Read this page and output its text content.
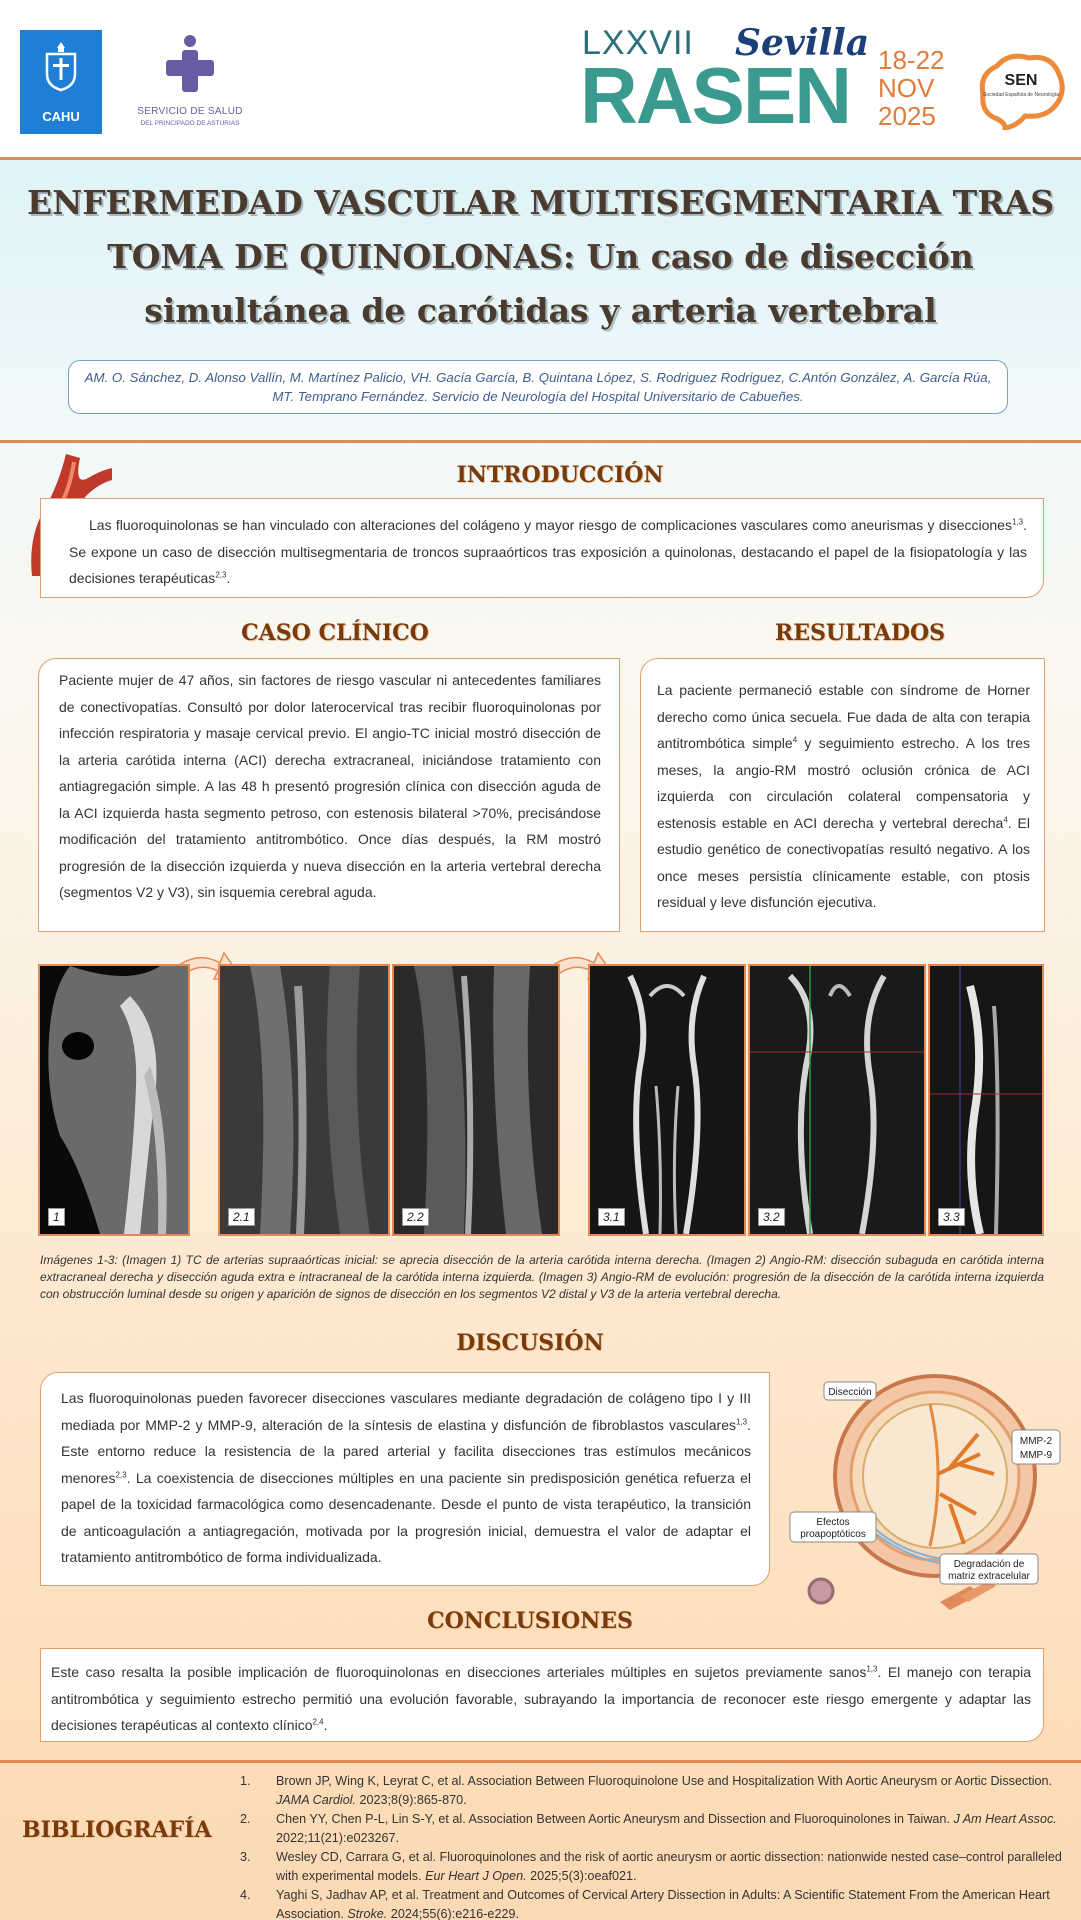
CAHU	SERVICIO DE SALUD
DEL PRINCIPADO DE ASTURIAS
LXXVII Sevilla
RASEN 18-22
NOV
2025
SEN
Sociedad Española de Neurología
ENFERMEDAD VASCULAR MULTISEGMENTARIA TRAS
TOMA DE QUINOLONAS: Un caso de disección
simultánea de carótidas y arteria vertebral
AM. O. Sánchez, D. Alonso Vallín, M. Martínez Palicio, VH. Gacía García, B. Quintana López, S. Rodriguez Rodriguez, C.Antón González, A. García Rúa, MT. Temprano Fernández. Servicio de Neurología del Hospital Universitario de Cabueñes.
INTRODUCCIÓN
Las fluoroquinolonas se han vinculado con alteraciones del colágeno y mayor riesgo de complicaciones vasculares como aneurismas y disecciones$^{1,3}$. Se expone un caso de disección multisegmentaria de troncos supraaórticos tras exposición a quinolonas, destacando el papel de la fisiopatología y las decisiones terapéuticas$^{2,3}$.
CASO CLÍNICO
Paciente mujer de 47 años, sin factores de riesgo vascular ni antecedentes familiares de conectivopatías. Consultó por dolor laterocervical tras recibir fluoroquinolonas por infección respiratoria y masaje cervical previo. El angio-TC inicial mostró disección de la arteria carótida interna (ACI) derecha extracraneal, iniciándose tratamiento con antiagregación simple. A las 48 h presentó progresión clínica con disección aguda de la ACI izquierda hasta segmento petroso, con estenosis bilateral >70%, precisándose modificación del tratamiento antitrombótico. Once días después, la RM mostró progresión de la disección izquierda y nueva disección en la arteria vertebral derecha (segmentos V2 y V3), sin isquemia cerebral aguda.
RESULTADOS
La paciente permaneció estable con síndrome de Horner derecho como única secuela. Fue dada de alta con terapia antitrombótica simple$^4$ y seguimiento estrecho. A los tres meses, la angio-RM mostró oclusión crónica de ACI izquierda con circulación colateral compensatoria y estenosis estable en ACI derecha y vertebral derecha$^4$. El estudio genético de conectivopatías resultó negativo. A los once meses persistía clínicamente estable, con ptosis residual y leve disfunción ejecutiva.
1	2.1	2.2	3.1	3.2	3.3
Imágenes 1-3: (Imagen 1) TC de arterias supraaórticas inicial: se aprecia disección de la arteria carótida interna derecha. (Imagen 2) Angio-RM: disección subaguda en carótida interna extracraneal derecha y disección aguda extra e intracraneal de la carótida interna izquierda. (Imagen 3) Angio-RM de evolución: progresión de la disección de la carótida interna izquierda con obstrucción luminal desde su origen y aparición de signos de disección en los segmentos V2 distal y V3 de la arteria vertebral derecha.
DISCUSIÓN
Las fluoroquinolonas pueden favorecer disecciones vasculares mediante degradación de colágeno tipo I y III mediada por MMP-2 y MMP-9, alteración de la síntesis de elastina y disfunción de fibroblastos vasculares$^{1,3}$. Este entorno reduce la resistencia de la pared arterial y facilita disecciones tras estímulos mecánicos menores$^{2,3}$. La coexistencia de disecciones múltiples en una paciente sin predisposición genética refuerza el papel de la toxicidad farmacológica como desencadenante. Desde el punto de vista terapéutico, la transición de anticoagulación a antiagregación, motivada por la progresión inicial, demuestra el valor de adaptar el tratamiento antitrombótico de forma individualizada.
Disección
MMP-2
MMP-9
Efectos
proapoptóticos
Degradación de
matriz extracelular
CONCLUSIONES
Este caso resalta la posible implicación de fluoroquinolonas en disecciones arteriales múltiples en sujetos previamente sanos$^{1,3}$. El manejo con terapia antitrombótica y seguimiento estrecho permitió una evolución favorable, subrayando la importancia de reconocer este riesgo emergente y adaptar las decisiones terapéuticas al contexto clínico$^{2,4}$.
BIBLIOGRAFÍA
1. Brown JP, Wing K, Leyrat C, et al. Association Between Fluoroquinolone Use and Hospitalization With Aortic Aneurysm or Aortic Dissection. JAMA Cardiol. 2023;8(9):865-870.
2. Chen YY, Chen P-L, Lin S-Y, et al. Association Between Aortic Aneurysm and Dissection and Fluoroquinolones in Taiwan. J Am Heart Assoc. 2022;11(21):e023267.
3. Wesley CD, Carrara G, et al. Fluoroquinolones and the risk of aortic aneurysm or aortic dissection: nationwide nested case–control paralleled with experimental models. Eur Heart J Open. 2025;5(3):oeaf021.
4. Yaghi S, Jadhav AP, et al. Treatment and Outcomes of Cervical Artery Dissection in Adults: A Scientific Statement From the American Heart Association. Stroke. 2024;55(6):e216-e229.
